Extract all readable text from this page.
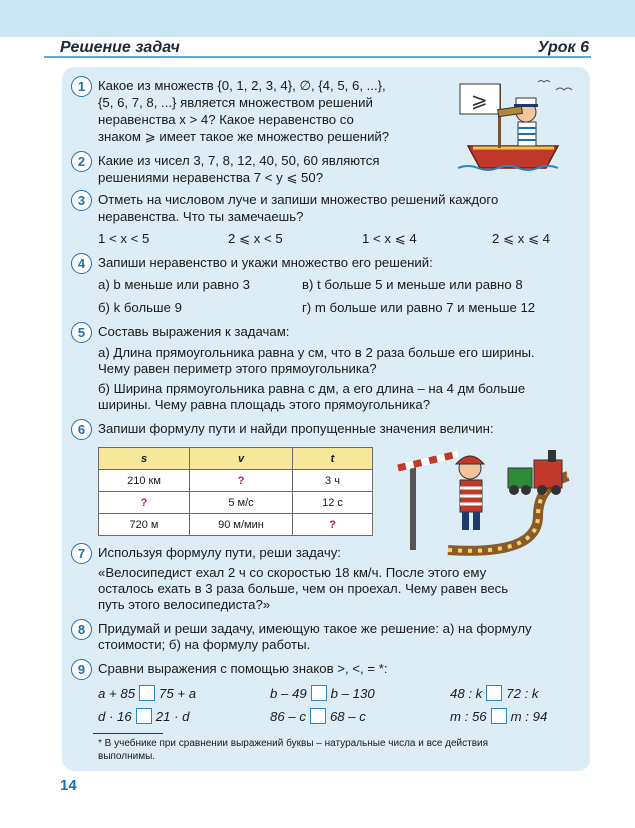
Решение задач	Урок 6
⩾
1 Какое из множеств {0, 1, 2, 3, 4}, ∅, {4, 5, 6, ...},
{5, 6, 7, 8, ...} является множеством решений
неравенства x > 4? Какое неравенство со
знаком ⩾ имеет такое же множество решений?
2 Какие из чисел 3, 7, 8, 12, 40, 50, 60 являются
решениями неравенства 7 < y ⩽ 50?
3 Отметь на числовом луче и запиши множество решений каждого
неравенства. Что ты замечаешь?
1 < x < 5	2 ⩽ x < 5	1 < x ⩽ 4	2 ⩽ x ⩽ 4
4 Запиши неравенство и укажи множество его решений:
а) b меньше или равно 3	в) t больше 5 и меньше или равно 8
б) k больше 9	г) m больше или равно 7 и меньше 12
5 Составь выражения к задачам:
а) Длина прямоугольника равна y см, что в 2 раза больше его ширины.
Чему равен периметр этого прямоугольника?
б) Ширина прямоугольника равна c дм, а его длина – на 4 дм больше
ширины. Чему равна площадь этого прямоугольника?
6 Запиши формулу пути и найди пропущенные значения величин:
s	v	t
210 км	?	3 ч
?	5 м/с	12 с
720 м	90 м/мин	?
7 Используя формулу пути, реши задачу:
«Велосипедист ехал 2 ч со скоростью 18 км/ч. После этого ему
осталось ехать в 3 раза больше, чем он проехал. Чему равен весь
путь этого велосипедиста?»
8 Придумай и реши задачу, имеющую такое же решение: а) на формулу
стоимости; б) на формулу работы.
9 Сравни выражения с помощью знаков >, <, = *:
a + 85 75 + a	b – 49 b – 130	48 : k 72 : k
d · 16 21 · d	86 – c 68 – c	m : 56 m : 94
* В учебнике при сравнении выражений буквы – натуральные числа и все действия
выполнимы.
14
